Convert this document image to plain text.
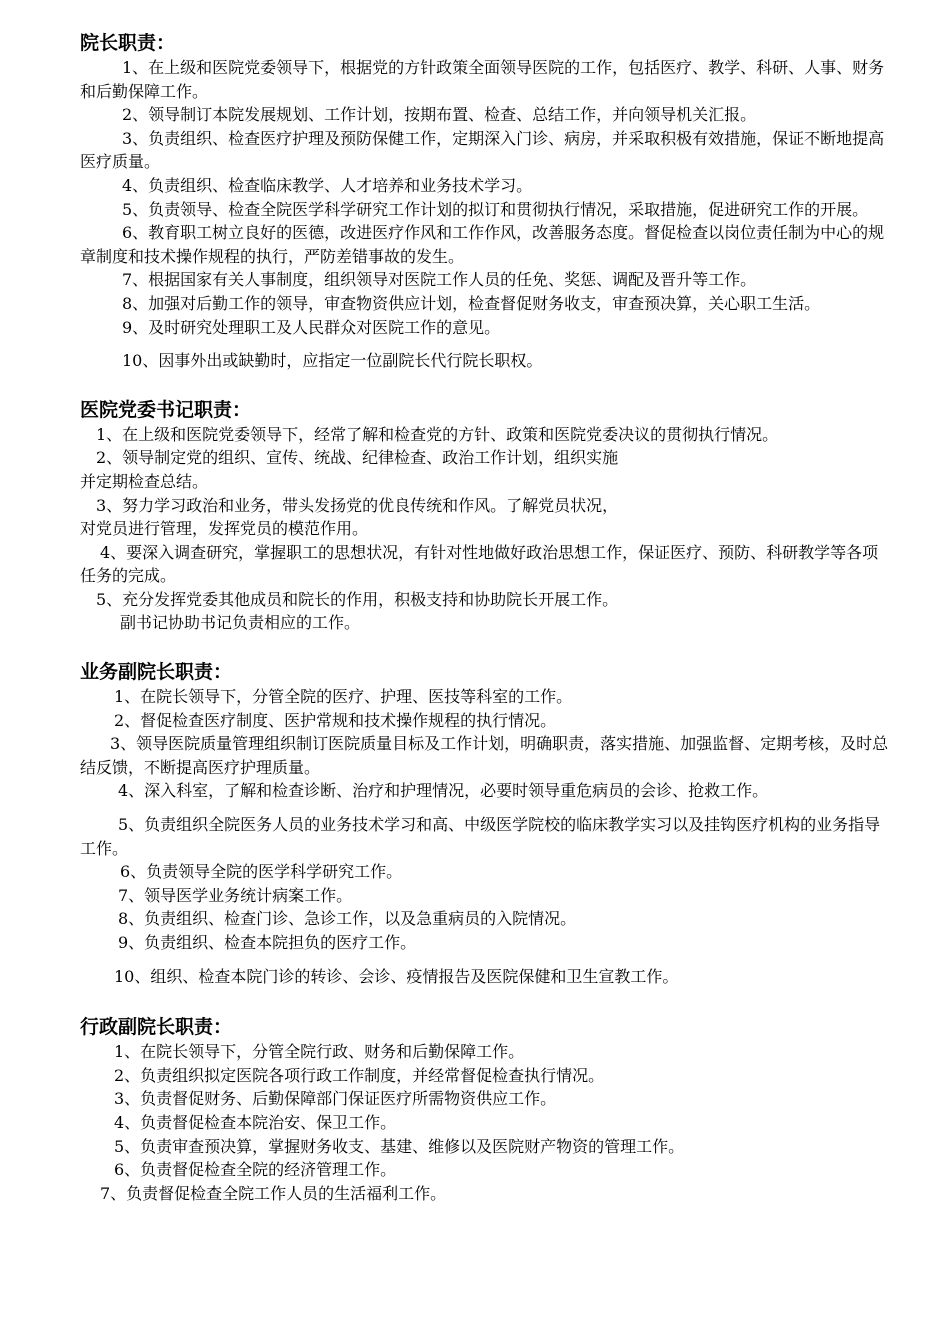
院长职责：

1、在上级和医院党委领导下，根据党的方针政策全面领导医院的工作，包括医疗、教学、科研、人事、财务和后勤保障工作。

2、领导制订本院发展规划、工作计划，按期布置、检查、总结工作，并向领导机关汇报。

3、负责组织、检查医疗护理及预防保健工作，定期深入门诊、病房，并采取积极有效措施，保证不断地提高医疗质量。

4、负责组织、检查临床教学、人才培养和业务技术学习。

5、负责领导、检查全院医学科学研究工作计划的拟订和贯彻执行情况，采取措施，促进研究工作的开展。

6、教育职工树立良好的医德，改进医疗作风和工作作风，改善服务态度。督促检查以岗位责任制为中心的规章制度和技术操作规程的执行，严防差错事故的发生。

7、根据国家有关人事制度，组织领导对医院工作人员的任免、奖惩、调配及晋升等工作。

8、加强对后勤工作的领导，审查物资供应计划，检查督促财务收支，审查预决算，关心职工生活。

9、及时研究处理职工及人民群众对医院工作的意见。

10、因事外出或缺勤时，应指定一位副院长代行院长职权。

医院党委书记职责：

1、在上级和医院党委领导下，经常了解和检查党的方针、政策和医院党委决议的贯彻执行情况。

2、领导制定党的组织、宣传、统战、纪律检查、政治工作计划，组织实施

并定期检查总结。

3、努力学习政治和业务，带头发扬党的优良传统和作风。了解党员状况，

对党员进行管理，发挥党员的模范作用。

4、要深入调查研究，掌握职工的思想状况，有针对性地做好政治思想工作，保证医疗、预防、科研教学等各项任务的完成。

5、充分发挥党委其他成员和院长的作用，积极支持和协助院长开展工作。

副书记协助书记负责相应的工作。

业务副院长职责：

1、在院长领导下，分管全院的医疗、护理、医技等科室的工作。

2、督促检查医疗制度、医护常规和技术操作规程的执行情况。

3、领导医院质量管理组织制订医院质量目标及工作计划，明确职责，落实措施、加强监督、定期考核，及时总结反馈，不断提高医疗护理质量。

4、深入科室，了解和检查诊断、治疗和护理情况，必要时领导重危病员的会诊、抢救工作。

5、负责组织全院医务人员的业务技术学习和高、中级医学院校的临床教学实习以及挂钩医疗机构的业务指导工作。

6、负责领导全院的医学科学研究工作。

7、领导医学业务统计病案工作。

8、负责组织、检查门诊、急诊工作，以及急重病员的入院情况。

9、负责组织、检查本院担负的医疗工作。

10、组织、检查本院门诊的转诊、会诊、疫情报告及医院保健和卫生宣教工作。

行政副院长职责：

1、在院长领导下，分管全院行政、财务和后勤保障工作。

2、负责组织拟定医院各项行政工作制度，并经常督促检查执行情况。

3、负责督促财务、后勤保障部门保证医疗所需物资供应工作。

4、负责督促检查本院治安、保卫工作。

5、负责审查预决算，掌握财务收支、基建、维修以及医院财产物资的管理工作。

6、负责督促检查全院的经济管理工作。

7、负责督促检查全院工作人员的生活福利工作。
